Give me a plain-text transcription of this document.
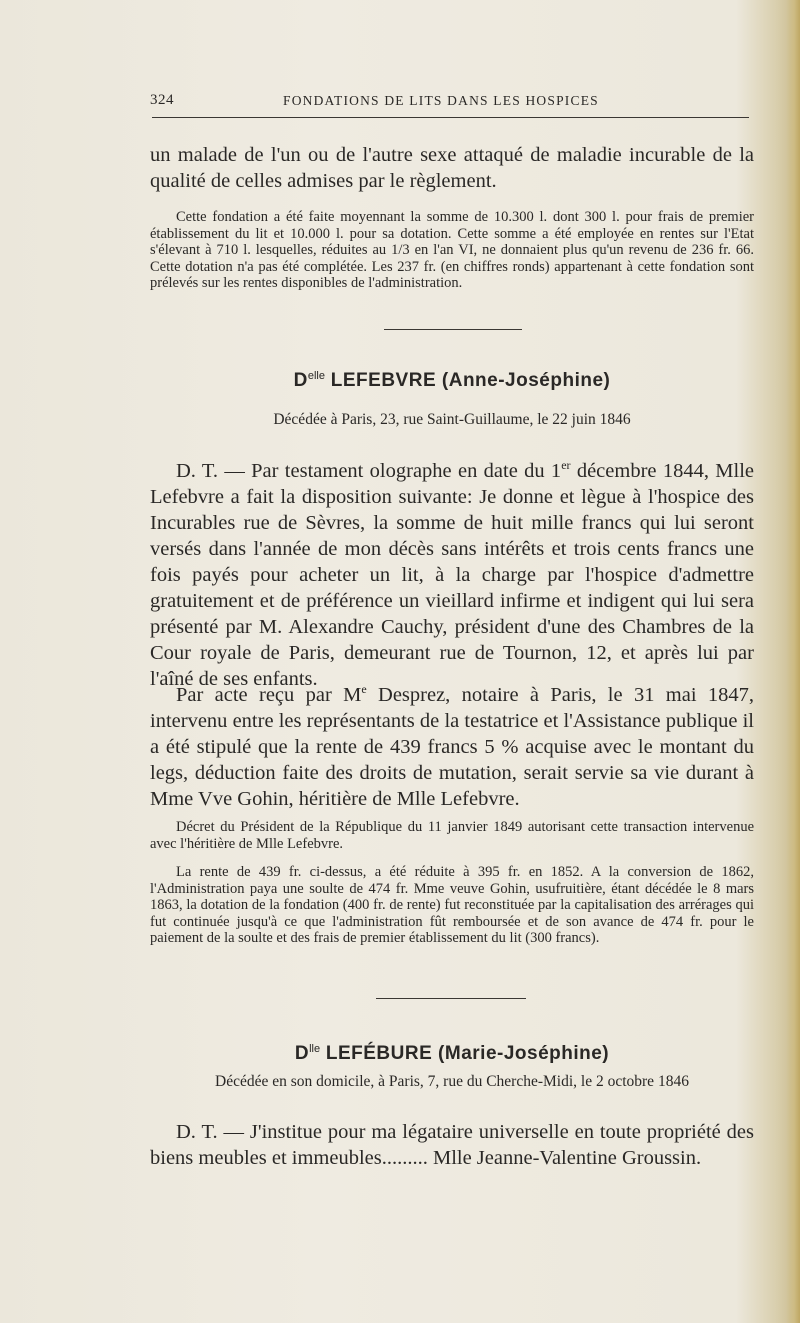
324	FONDATIONS DE LITS DANS LES HOSPICES

un malade de l'un ou de l'autre sexe attaqué de maladie incurable de la qualité de celles admises par le règlement.

Cette fondation a été faite moyennant la somme de 10.300 l. dont 300 l. pour frais de premier établissement du lit et 10.000 l. pour sa dotation. Cette somme a été employée en rentes sur l'Etat s'élevant à 710 l. lesquelles, réduites au 1/3 en l'an VI, ne donnaient plus qu'un revenu de 236 fr. 66. Cette dotation n'a pas été complétée. Les 237 fr. (en chiffres ronds) appartenant à cette fondation sont prélevés sur les rentes disponibles de l'administration.

$D^{elle}$ LEFEBVRE (Anne-Joséphine)
Décédée à Paris, 23, rue Saint-Guillaume, le 22 juin 1846

D. T. — Par testament olographe en date du 1er décembre 1844, Mlle Lefebvre a fait la disposition suivante: Je donne et lègue à l'hospice des Incurables rue de Sèvres, la somme de huit mille francs qui lui seront versés dans l'année de mon décès sans intérêts et trois cents francs une fois payés pour acheter un lit, à la charge par l'hospice d'admettre gratuitement et de préférence un vieillard infirme et indigent qui lui sera présenté par M. Alexandre Cauchy, président d'une des Chambres de la Cour royale de Paris, demeurant rue de Tournon, 12, et après lui par l'aîné de ses enfants.

Par acte reçu par Me Desprez, notaire à Paris, le 31 mai 1847, intervenu entre les représentants de la testatrice et l'Assistance publique il a été stipulé que la rente de 439 francs 5 % acquise avec le montant du legs, déduction faite des droits de mutation, serait servie sa vie durant à Mme Vve Gohin, héritière de Mlle Lefebvre.

Décret du Président de la République du 11 janvier 1849 autorisant cette transaction intervenue avec l'héritière de Mlle Lefebvre.

La rente de 439 fr. ci-dessus, a été réduite à 395 fr. en 1852. A la conversion de 1862, l'Administration paya une soulte de 474 fr. Mme veuve Gohin, usufruitière, étant décédée le 8 mars 1863, la dotation de la fondation (400 fr. de rente) fut reconstituée par la capitalisation des arrérages qui fut continuée jusqu'à ce que l'administration fût remboursée et de son avance de 474 fr. pour le paiement de la soulte et des frais de premier établissement du lit (300 francs).

$D^{lle}$ LEFÉBURE (Marie-Joséphine)
Décédée en son domicile, à Paris, 7, rue du Cherche-Midi, le 2 octobre 1846

D. T. — J'institue pour ma légataire universelle en toute propriété des biens meubles et immeubles......... Mlle Jeanne-Valentine Groussin.
